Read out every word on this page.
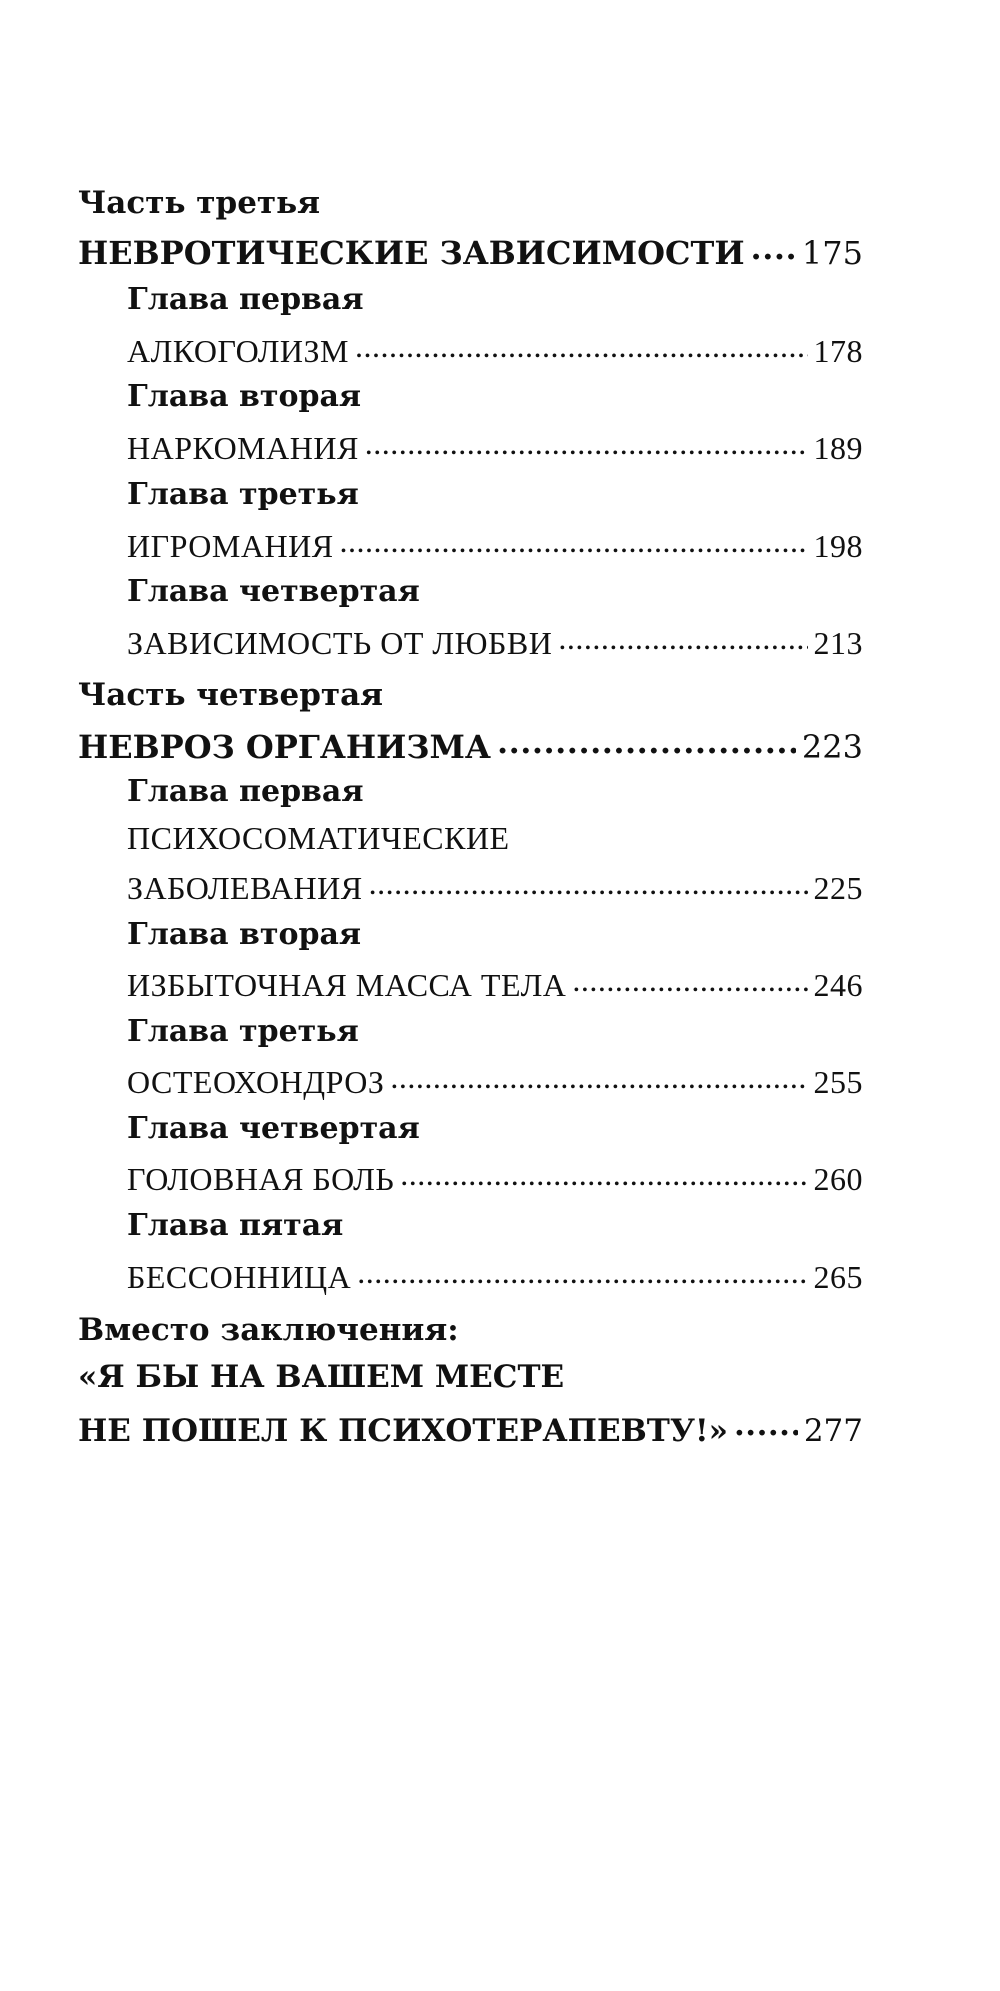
Часть третья
НЕВРОТИЧЕСКИЕ ЗАВИСИМОСТИ ..... 175
Глава первая
АЛКОГОЛИЗМ .....	178
Глава вторая
НАРКОМАНИЯ .....	189
Глава третья
ИГРОМАНИЯ .....	198
Глава четвертая
ЗАВИСИМОСТЬ ОТ ЛЮБВИ .....	213
Часть четвертая
НЕВРОЗ ОРГАНИЗМА .....	223
Глава первая
ПСИХОСОМАТИЧЕСКИЕ
ЗАБОЛЕВАНИЯ .....	225
Глава вторая
ИЗБЫТОЧНАЯ МАССА ТЕЛА .....	246
Глава третья
ОСТЕОХОНДРОЗ .....	255
Глава четвертая
ГОЛОВНАЯ БОЛЬ .....	260
Глава пятая
БЕССОННИЦА .....	265
Вместо заключения:
«Я БЫ НА ВАШЕМ МЕСТЕ
НЕ ПОШЕЛ К ПСИХОТЕРАПЕВТУ!» ..... 277
